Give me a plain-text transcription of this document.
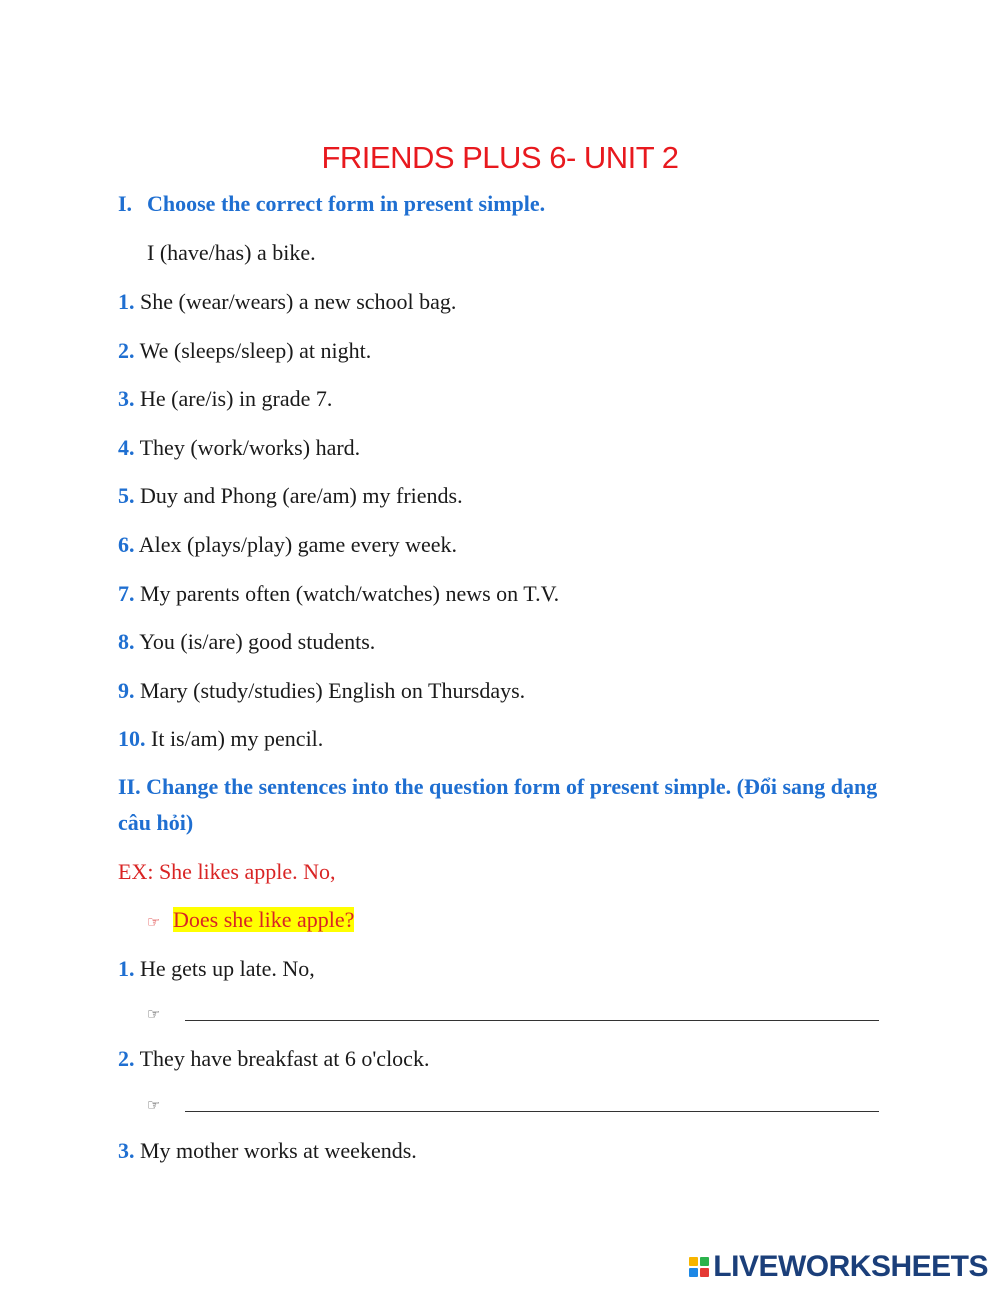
FRIENDS PLUS 6- UNIT 2
I. Choose the correct form in present simple.
I (have/has) a bike.
1. She (wear/wears) a new school bag.
2. We (sleeps/sleep) at night.
3. He (are/is) in grade 7.
4. They (work/works) hard.
5. Duy and Phong (are/am) my friends.
6. Alex (plays/play) game every week.
7. My parents often (watch/watches) news on T.V.
8. You (is/are) good students.
9. Mary (study/studies) English on Thursdays.
10. It is/am) my pencil.
II. Change the sentences into the question form of present simple. (Đổi sang dạng câu hỏi)
EX: She likes apple. No,
☞ Does she like apple?
1. He gets up late. No,
☞
2. They have breakfast at 6 o'clock.
☞
3. My mother works at weekends.
LIVEWORKSHEETS
